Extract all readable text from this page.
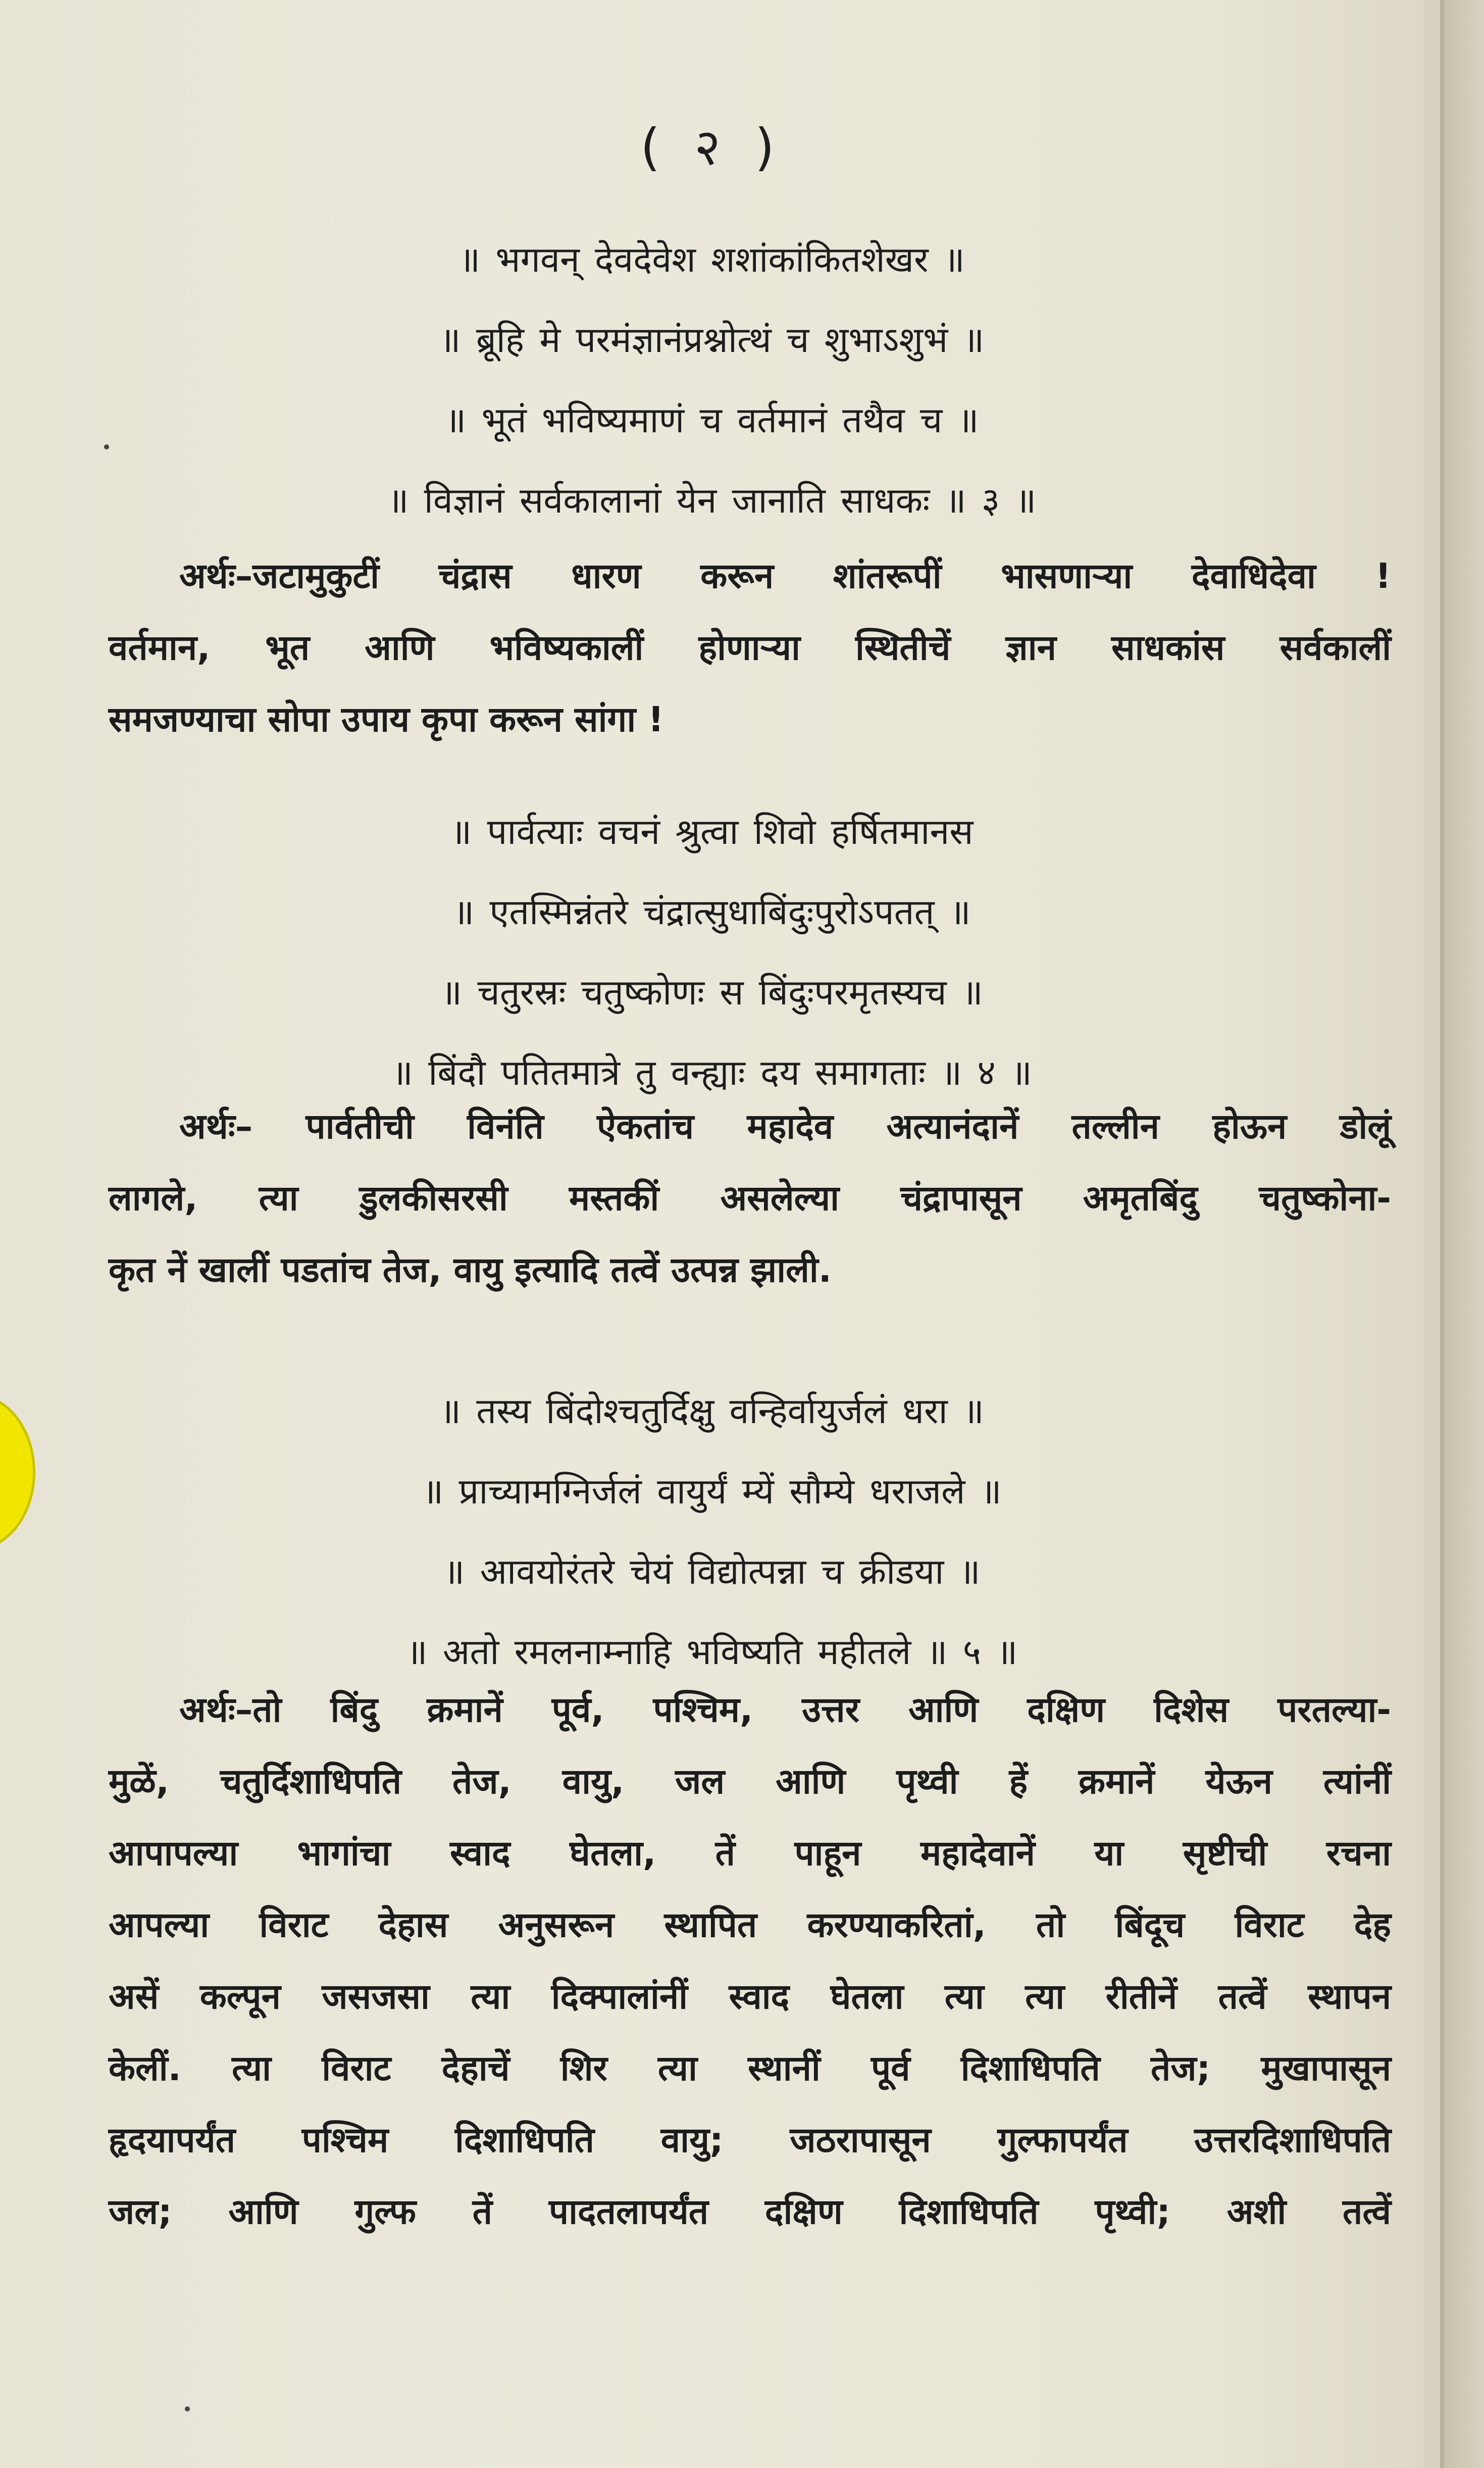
( २ )
॥ भगवन् देवदेवेश शशांकांकितशेखर ॥
॥ ब्रूहि मे परमंज्ञानंप्रश्नोत्थं च शुभाऽशुभं ॥
॥ भूतं भविष्यमाणं च वर्तमानं तथैव च ॥
॥ विज्ञानं सर्वकालानां येन जानाति साधकः ॥ ३ ॥
अर्थः–जटामुकुटीं चंद्रास धारण करून शांतरूपीं भासणाऱ्या देवाधिदेवा !
वर्तमान, भूत आणि भविष्यकालीं होणाऱ्या स्थितीचें ज्ञान साधकांस सर्वकालीं
समजण्याचा सोपा उपाय कृपा करून सांगा !
॥ पार्वत्याः वचनं श्रुत्वा शिवो हर्षितमानस
॥ एतस्मिन्नंतरे चंद्रात्सुधाबिंदुःपुरोऽपतत् ॥
॥ चतुरस्रः चतुष्कोणः स बिंदुःपरमृतस्यच ॥
॥ बिंदौ पतितमात्रे तु वन्ह्याः दय समागताः ॥ ४ ॥
अर्थः– पार्वतीची विनंति ऐकतांच महादेव अत्यानंदानें तल्लीन होऊन डोलूं
लागले, त्या डुलकीसरसी मस्तकीं असलेल्या चंद्रापासून अमृतबिंदु चतुष्कोना-
कृत नें खालीं पडतांच तेज, वायु इत्यादि तत्वें उत्पन्न झाली.
॥ तस्य बिंदोश्चतुर्दिक्षु वन्हिर्वायुर्जलं धरा ॥
॥ प्राच्यामग्निर्जलं वायुर्यं म्यें सौम्ये धराजले ॥
॥ आवयोरंतरे चेयं विद्योत्पन्ना च क्रीडया ॥
॥ अतो रमलनाम्नाहि भविष्यति महीतले ॥ ५ ॥
अर्थः–तो बिंदु क्रमानें पूर्व, पश्चिम, उत्तर आणि दक्षिण दिशेस परतल्या-
मुळें, चतुर्दिशाधिपति तेज, वायु, जल आणि पृथ्वी हें क्रमानें येऊन त्यांनीं
आपापल्या भागांचा स्वाद घेतला, तें पाहून महादेवानें या सृष्टीची रचना
आपल्या विराट देहास अनुसरून स्थापित करण्याकरितां, तो बिंदूच विराट देह
असें कल्पून जसजसा त्या दिक्पालांनीं स्वाद घेतला त्या त्या रीतीनें तत्वें स्थापन
केलीं. त्या विराट देहाचें शिर त्या स्थानीं पूर्व दिशाधिपति तेज; मुखापासून
हृदयापर्यंत पश्चिम दिशाधिपति वायु; जठरापासून गुल्फापर्यंत उत्तरदिशाधिपति
जल; आणि गुल्फ तें पादतलापर्यंत दक्षिण दिशाधिपति पृथ्वी; अशी तत्वें
